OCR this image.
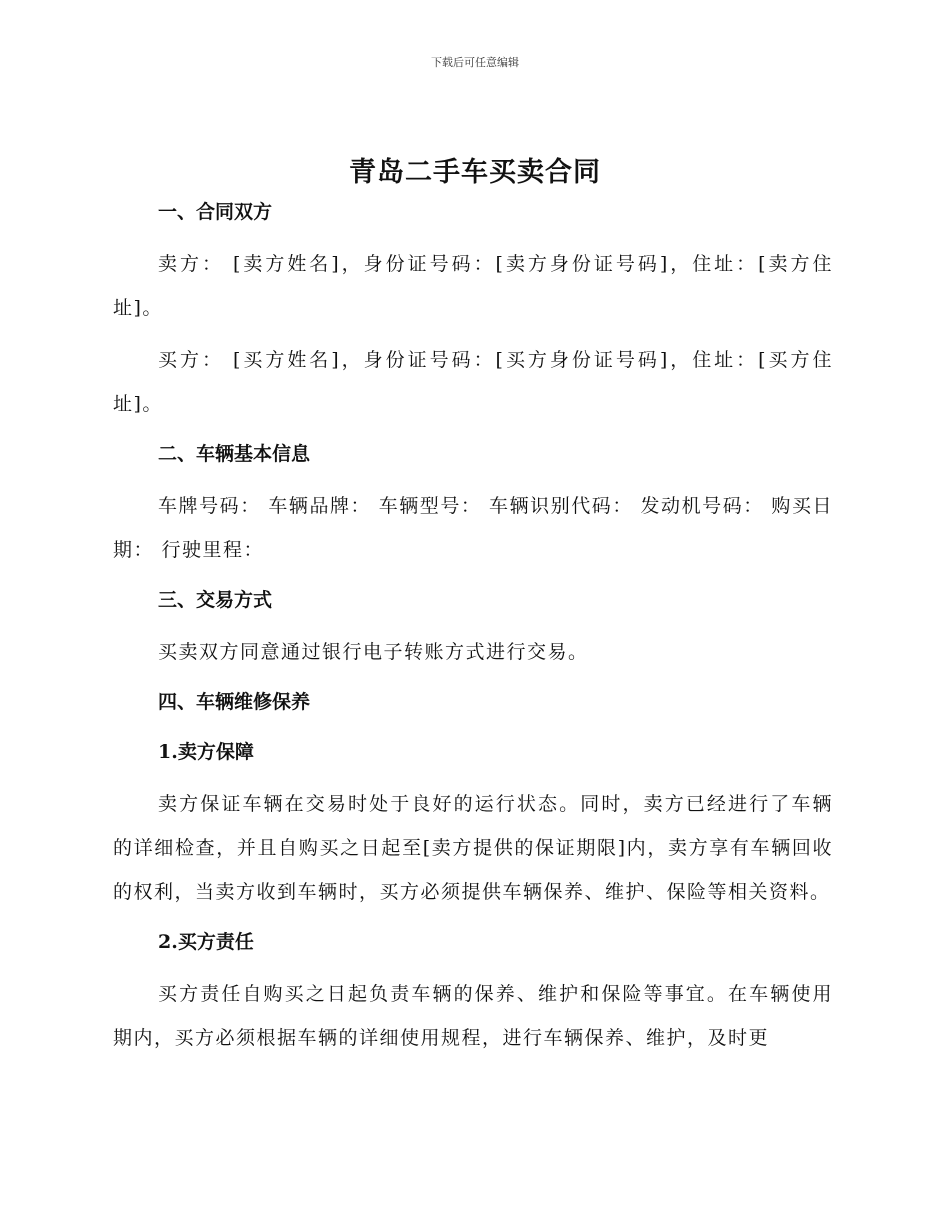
下载后可任意编辑
青岛二手车买卖合同
一、合同双方

卖方： [卖方姓名]，身份证号码：[卖方身份证号码]，住址：[卖方住址]。

买方： [买方姓名]，身份证号码：[买方身份证号码]，住址：[买方住址]。

二、车辆基本信息

车牌号码： 车辆品牌： 车辆型号： 车辆识别代码： 发动机号码： 购买日期： 行驶里程：

三、交易方式

买卖双方同意通过银行电子转账方式进行交易。

四、车辆维修保养
1.卖方保障

卖方保证车辆在交易时处于良好的运行状态。同时，卖方已经进行了车辆的详细检查，并且自购买之日起至[卖方提供的保证期限]内，卖方享有车辆回收的权利，当卖方收到车辆时，买方必须提供车辆保养、维护、保险等相关资料。

2.买方责任

买方责任自购买之日起负责车辆的保养、维护和保险等事宜。在车辆使用期内，买方必须根据车辆的详细使用规程，进行车辆保养、维护，及时更
